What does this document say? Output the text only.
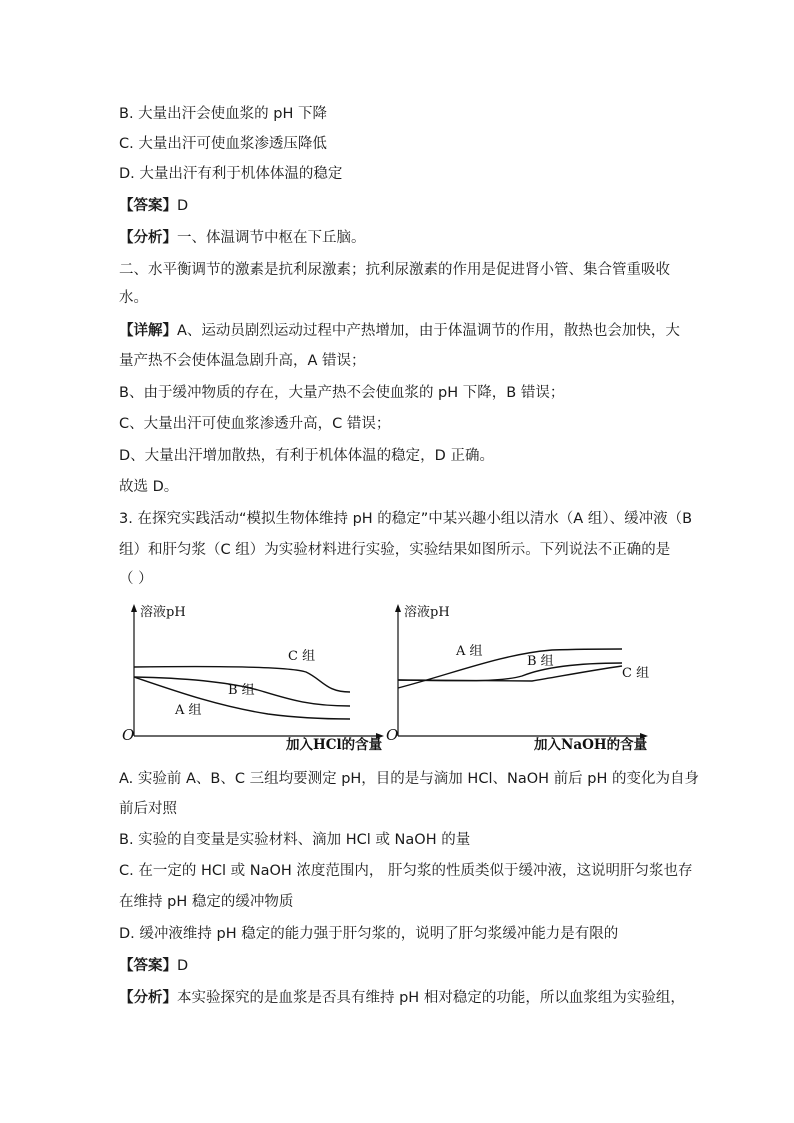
B. 大量出汗会使血浆的 pH 下降
C. 大量出汗可使血浆渗透压降低
D. 大量出汗有利于机体体温的稳定
【答案】D
【分析】一、体温调节中枢在下丘脑。
二、水平衡调节的激素是抗利尿激素；抗利尿激素的作用是促进肾小管、集合管重吸收
水。
【详解】A、运动员剧烈运动过程中产热增加，由于体温调节的作用，散热也会加快，大
量产热不会使体温急剧升高，A 错误；
B、由于缓冲物质的存在，大量产热不会使血浆的 pH 下降，B 错误；
C、大量出汗可使血浆渗透升高，C 错误；
D、大量出汗增加散热，有利于机体体温的稳定，D 正确。
故选 D。
3. 在探究实践活动“模拟生物体维持 pH 的稳定”中某兴趣小组以清水（A 组）、缓冲液（B
组）和肝匀浆（C 组）为实验材料进行实验，实验结果如图所示。下列说法不正确的是
（ ）
溶液pH
O
加入HCl的含量
C 组
B 组
A 组
溶液pH
O
加入NaOH的含量
A 组
B 组
C 组
A. 实验前 A、B、C 三组均要测定 pH，目的是与滴加 HCl、NaOH 前后 pH 的变化为自身
前后对照
B. 实验的自变量是实验材料、滴加 HCl 或 NaOH 的量
C. 在一定的 HCl 或 NaOH 浓度范围内， 肝匀浆的性质类似于缓冲液，这说明肝匀浆也存
在维持 pH 稳定的缓冲物质
D. 缓冲液维持 pH 稳定的能力强于肝匀浆的，说明了肝匀浆缓冲能力是有限的
【答案】D
【分析】本实验探究的是血浆是否具有维持 pH 相对稳定的功能，所以血浆组为实验组，
